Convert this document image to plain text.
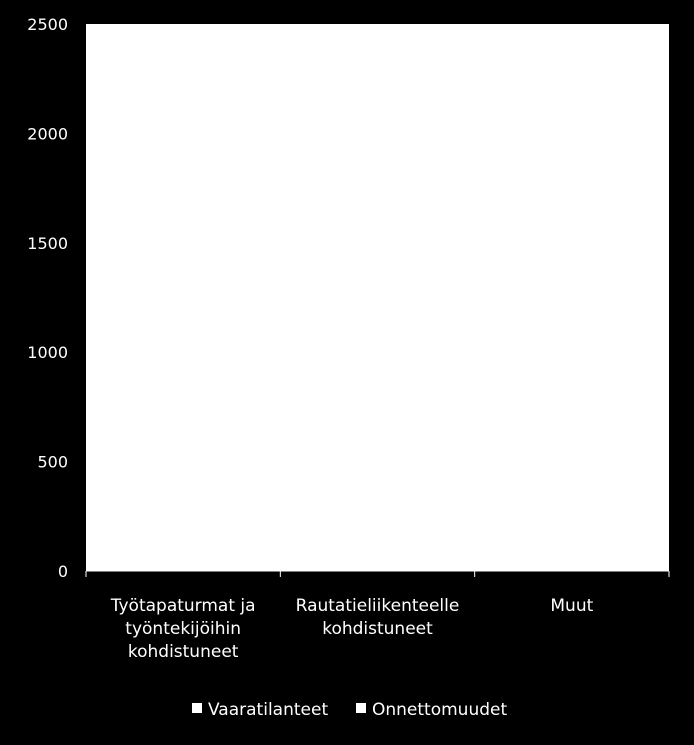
0
500
1000
1500
2000
2500
Työtapaturmat ja työntekijöihin kohdistuneet
Rautatieliikenteelle kohdistuneet
Muut
Vaaratilanteet	Onnettomuudet
